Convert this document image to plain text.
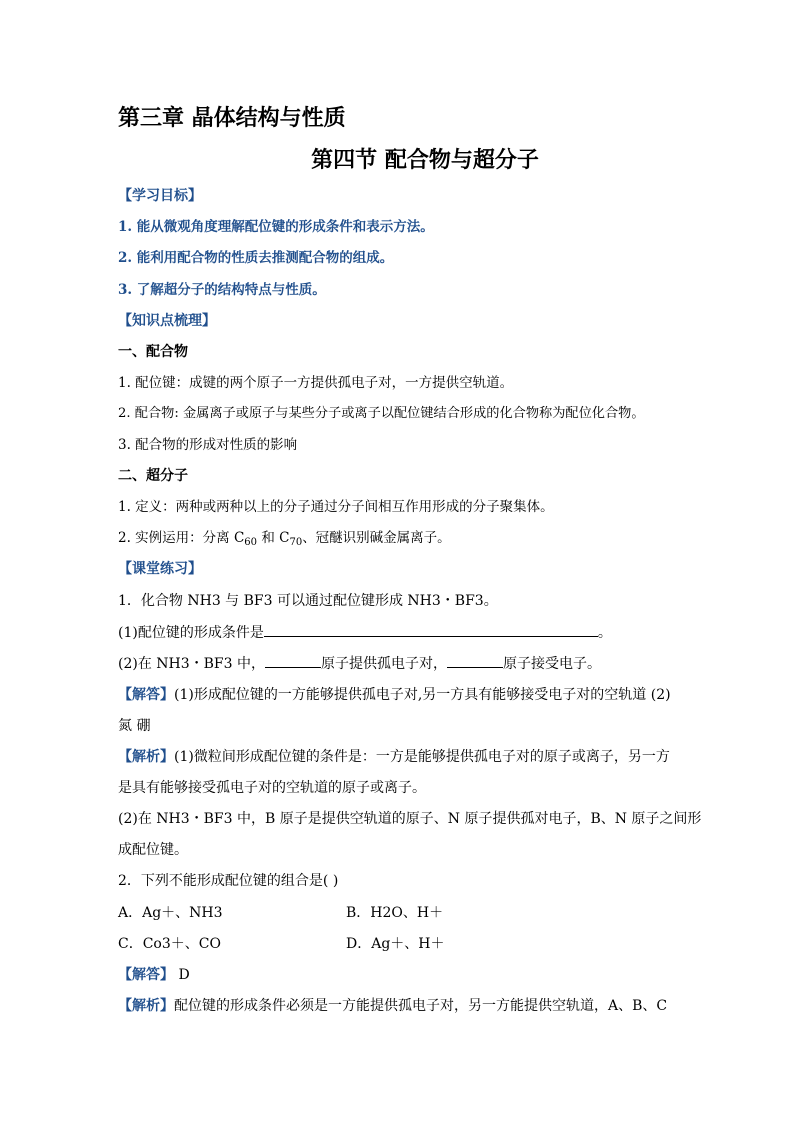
第三章 晶体结构与性质
第四节 配合物与超分子
【学习目标】
1. 能从微观角度理解配位键的形成条件和表示方法。
2. 能利用配合物的性质去推测配合物的组成。
3. 了解超分子的结构特点与性质。
【知识点梳理】
一、配合物
1. 配位键：成键的两个原子一方提供孤电子对，一方提供空轨道。
2. 配合物: 金属离子或原子与某些分子或离子以配位键结合形成的化合物称为配位化合物。
3. 配合物的形成对性质的影响
二、超分子
1. 定义：两种或两种以上的分子通过分子间相互作用形成的分子聚集体。
2. 实例运用：分离 $C_{60}$ 和 $C_{70}$、冠醚识别碱金属离子。
【课堂练习】
1．化合物 NH3 与 BF3 可以通过配位键形成 NH3・BF3。
(1)配位键的形成条件是	。
(2)在 NH3・BF3 中，	原子提供孤电子对，	原子接受电子。
【解答】(1)形成配位键的一方能够提供孤电子对,另一方具有能够接受电子对的空轨道 (2)
氮 硼
【解析】(1)微粒间形成配位键的条件是：一方是能够提供孤电子对的原子或离子，另一方
是具有能够接受孤电子对的空轨道的原子或离子。
(2)在 NH3・BF3 中，B 原子是提供空轨道的原子、N 原子提供孤对电子，B、N 原子之间形
成配位键。
2．下列不能形成配位键的组合是( )
A．Ag＋、NH3	B．H2O、H＋
C．Co3＋、CO	D．Ag＋、H＋
【解答】 D
【解析】配位键的形成条件必须是一方能提供孤电子对，另一方能提供空轨道，A、B、C
